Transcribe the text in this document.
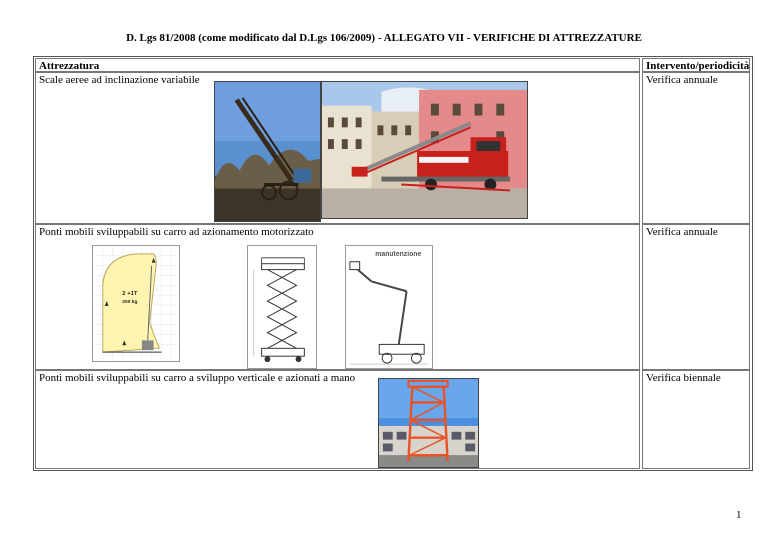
D. Lgs 81/2008 (come modificato dal D.Lgs 106/2009) - ALLEGATO VII - VERIFICHE DI ATTREZZATURE
Attrezzatura	Intervento/periodicità
Scale aeree ad inclinazione variabile	Verifica annuale
Ponti mobili sviluppabili su carro ad azionamento motorizzato	Verifica annuale
Ponti mobili sviluppabili su carro a sviluppo verticale e azionati a mano	Verifica biennale
2 +1T
200 kg
manutenzione
1
